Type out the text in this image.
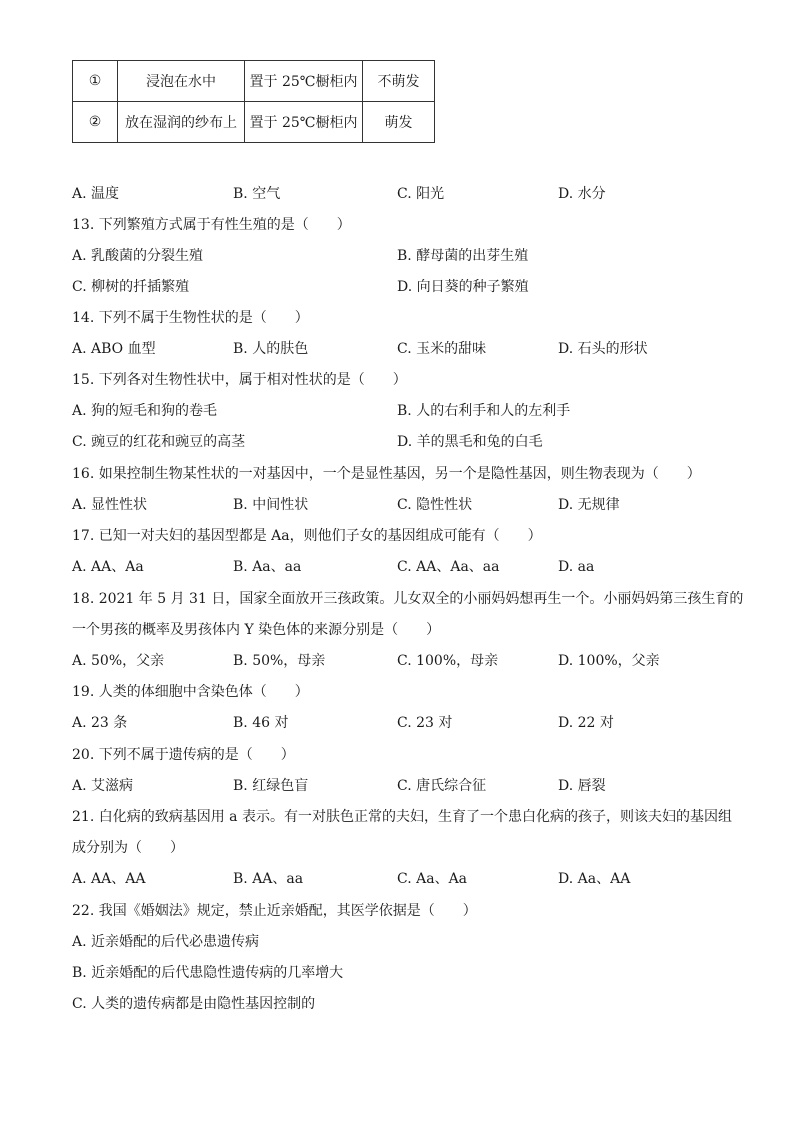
①	浸泡在水中	置于 25℃橱柜内	不萌发
②	放在湿润的纱布上	置于 25℃橱柜内	萌发
A. 温度	B. 空气	C. 阳光	D. 水分
13. 下列繁殖方式属于有性生殖的是（　　）
A. 乳酸菌的分裂生殖	B. 酵母菌的出芽生殖
C. 柳树的扦插繁殖	D. 向日葵的种子繁殖
14. 下列不属于生物性状的是（　　）
A. ABO 血型	B. 人的肤色	C. 玉米的甜味	D. 石头的形状
15. 下列各对生物性状中，属于相对性状的是（　　）
A. 狗的短毛和狗的卷毛	B. 人的右利手和人的左利手
C. 豌豆的红花和豌豆的高茎	D. 羊的黑毛和兔的白毛
16. 如果控制生物某性状的一对基因中，一个是显性基因，另一个是隐性基因，则生物表现为（　　）
A. 显性性状	B. 中间性状	C. 隐性性状	D. 无规律
17. 已知一对夫妇的基因型都是 Aa，则他们子女的基因组成可能有（　　）
A. AA、Aa	B. Aa、aa	C. AA、Aa、aa	D. aa
18. 2021 年 5 月 31 日，国家全面放开三孩政策。儿女双全的小丽妈妈想再生一个。小丽妈妈第三孩生育的
一个男孩的概率及男孩体内 Y 染色体的来源分别是（　　）
A. 50%，父亲	B. 50%，母亲	C. 100%，母亲	D. 100%，父亲
19. 人类的体细胞中含染色体（　　）
A. 23 条	B. 46 对	C. 23 对	D. 22 对
20. 下列不属于遗传病的是（　　）
A. 艾滋病	B. 红绿色盲	C. 唐氏综合征	D. 唇裂
21. 白化病的致病基因用 a 表示。有一对肤色正常的夫妇，生育了一个患白化病的孩子，则该夫妇的基因组
成分别为（　　）
A. AA、AA	B. AA、aa	C. Aa、Aa	D. Aa、AA
22. 我国《婚姻法》规定，禁止近亲婚配，其医学依据是（　　）
A. 近亲婚配的后代必患遗传病
B. 近亲婚配的后代患隐性遗传病的几率增大
C. 人类的遗传病都是由隐性基因控制的
